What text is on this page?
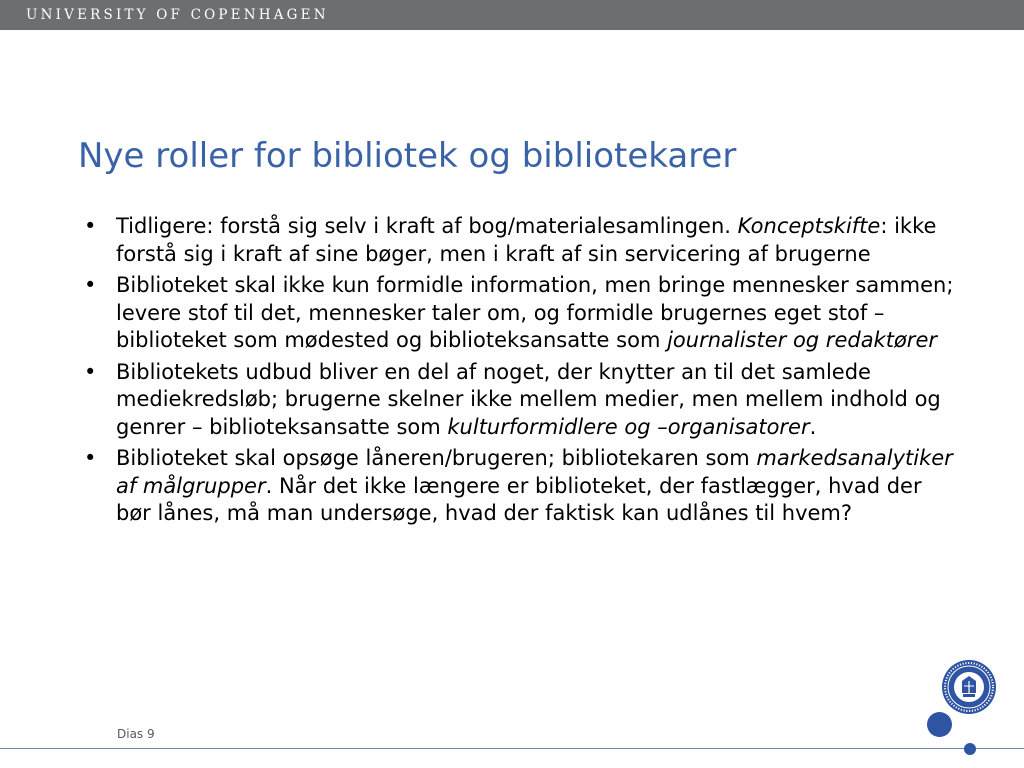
UNIVERSITY OF COPENHAGEN
Nye roller for bibliotek og bibliotekarer
• Tidligere: forstå sig selv i kraft af bog/materialesamlingen. Konceptskifte: ikke forstå sig i kraft af sine bøger, men i kraft af sin servicering af brugerne
• Biblioteket skal ikke kun formidle information, men bringe mennesker sammen; levere stof til det, mennesker taler om, og formidle brugernes eget stof – biblioteket som mødested og biblioteksansatte som journalister og redaktører
• Bibliotekets udbud bliver en del af noget, der knytter an til det samlede mediekredsløb; brugerne skelner ikke mellem medier, men mellem indhold og genrer – biblioteksansatte som kulturformidlere og –organisatorer.
• Biblioteket skal opsøge låneren/brugeren; bibliotekaren som markedsanalytiker af målgrupper. Når det ikke længere er biblioteket, der fastlægger, hvad der bør lånes, må man undersøge, hvad der faktisk kan udlånes til hvem?
Dias 9
